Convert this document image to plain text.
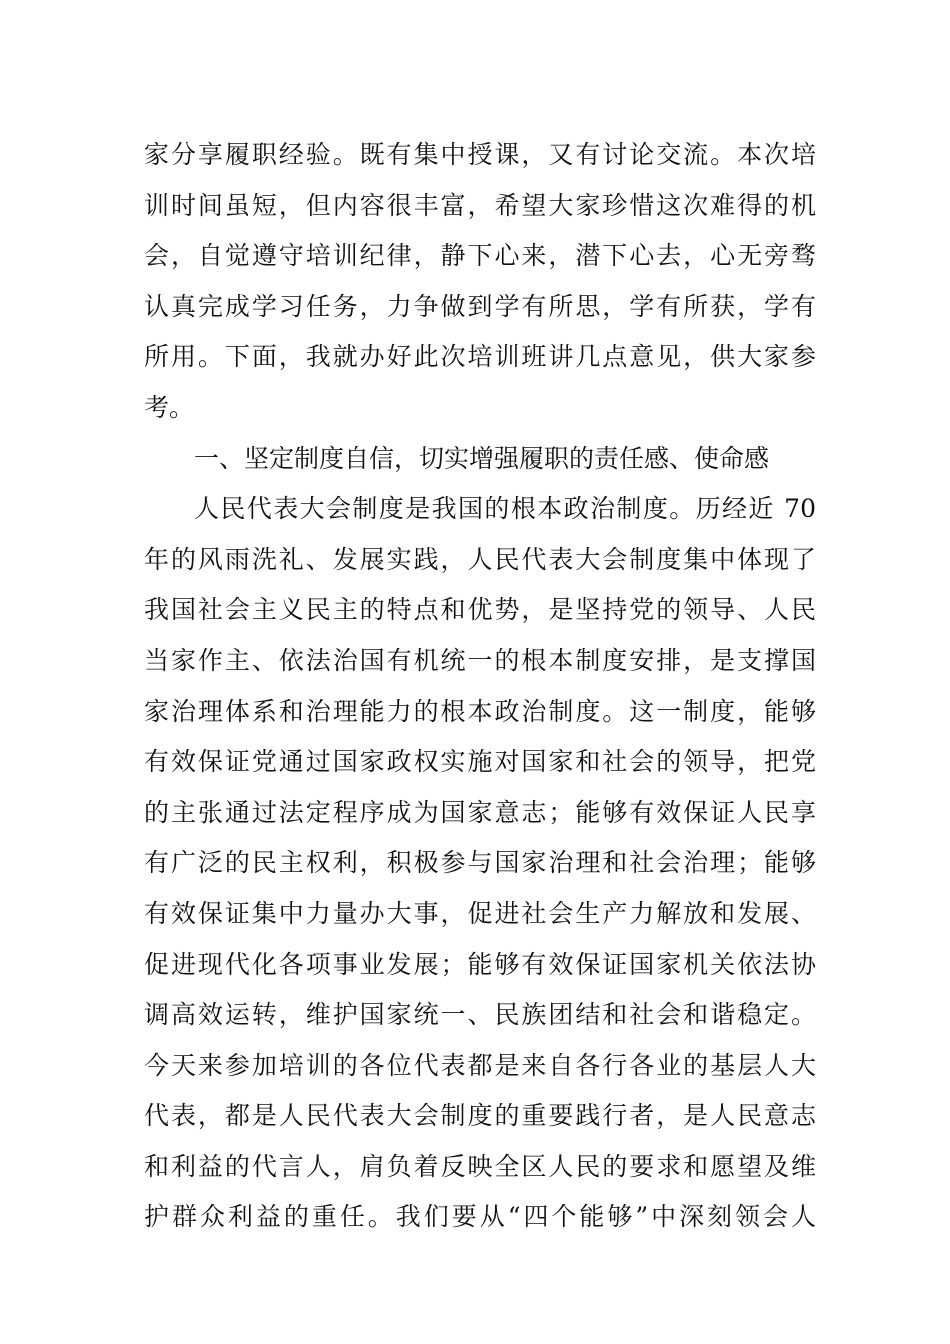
家分享履职经验。既有集中授课，又有讨论交流。本次培
训时间虽短，但内容很丰富，希望大家珍惜这次难得的机
会，自觉遵守培训纪律，静下心来，潜下心去，心无旁骛
认真完成学习任务，力争做到学有所思，学有所获，学有
所用。下面，我就办好此次培训班讲几点意见，供大家参
考。
一、坚定制度自信，切实增强履职的责任感、使命感
人民代表大会制度是我国的根本政治制度。历经近 70
年的风雨洗礼、发展实践，人民代表大会制度集中体现了
我国社会主义民主的特点和优势，是坚持党的领导、人民
当家作主、依法治国有机统一的根本制度安排，是支撑国
家治理体系和治理能力的根本政治制度。这一制度，能够
有效保证党通过国家政权实施对国家和社会的领导，把党
的主张通过法定程序成为国家意志；能够有效保证人民享
有广泛的民主权利，积极参与国家治理和社会治理；能够
有效保证集中力量办大事，促进社会生产力解放和发展、
促进现代化各项事业发展；能够有效保证国家机关依法协
调高效运转，维护国家统一、民族团结和社会和谐稳定。
今天来参加培训的各位代表都是来自各行各业的基层人大
代表，都是人民代表大会制度的重要践行者，是人民意志
和利益的代言人，肩负着反映全区人民的要求和愿望及维
护群众利益的重任。我们要从“四个能够”中深刻领会人
